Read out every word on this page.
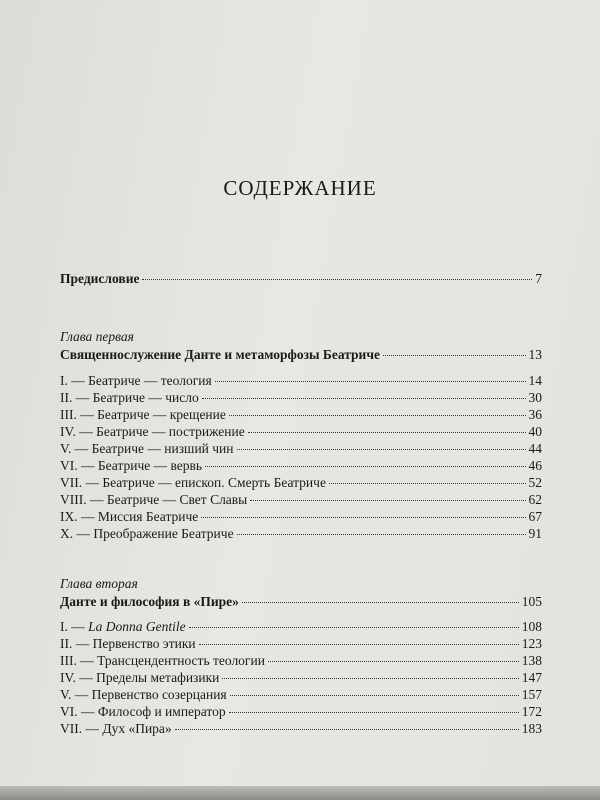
СОДЕРЖАНИЕ
Предисловие	7
Глава первая
Священнослужение Данте и метаморфозы Беатриче	13
I. — Беатриче — теология	14
II. — Беатриче — число	30
III. — Беатриче — крещение	36
IV. — Беатриче — пострижение	40
V. — Беатриче — низший чин	44
VI. — Беатриче — вервь	46
VII. — Беатриче — епископ. Смерть Беатриче	52
VIII. — Беатриче — Свет Славы	62
IX. — Миссия Беатриче	67
X. — Преображение Беатриче	91
Глава вторая
Данте и философия в «Пире»	105
I. — La Donna Gentile	108
II. — Первенство этики	123
III. — Трансцендентность теологии	138
IV. — Пределы метафизики	147
V. — Первенство созерцания	157
VI. — Философ и император	172
VII. — Дух «Пира»	183
